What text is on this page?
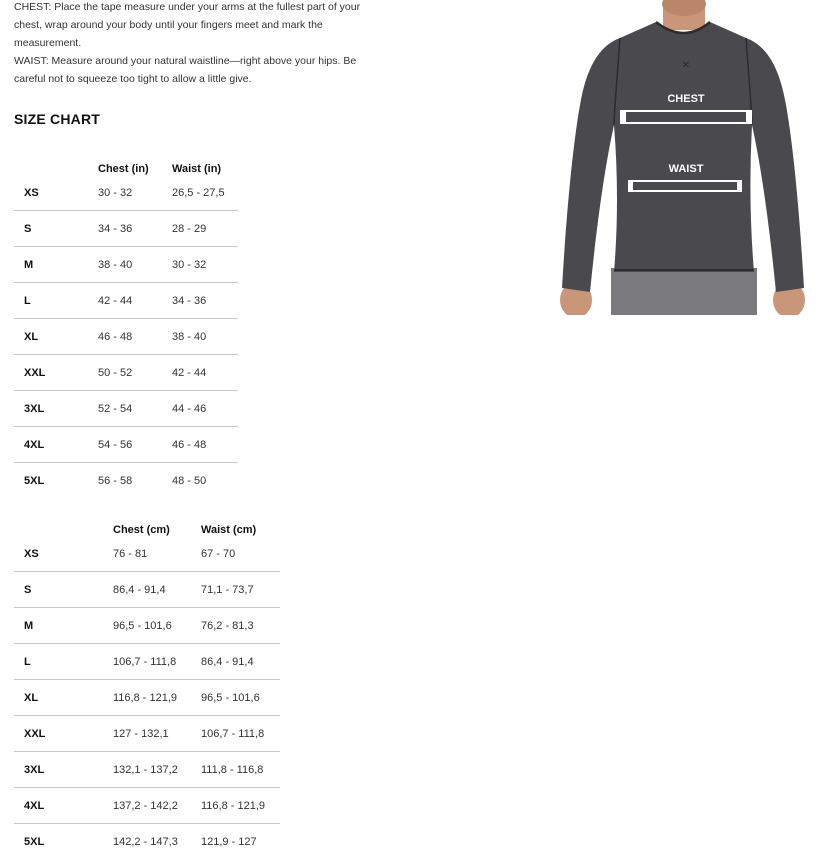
CHEST: Place the tape measure under your arms at the fullest part of your chest, wrap around your body until your fingers meet and mark the measurement.

WAIST: Measure around your natural waistline—right above your hips. Be careful not to squeeze too tight to allow a little give.

SIZE CHART
	Chest (in)	Waist (in)
XS	30 - 32	26,5 - 27,5
S	34 - 36	28 - 29
M	38 - 40	30 - 32
L	42 - 44	34 - 36
XL	46 - 48	38 - 40
XXL	50 - 52	42 - 44
3XL	52 - 54	44 - 46
4XL	54 - 56	46 - 48
5XL	56 - 58	48 - 50
	Chest (cm)	Waist (cm)
XS	76 - 81	67 - 70
S	86,4 - 91,4	71,1 - 73,7
M	96,5 - 101,6	76,2 - 81,3
L	106,7 - 111,8	86,4 - 91,4
XL	116,8 - 121,9	96,5 - 101,6
XXL	127 - 132,1	106,7 - 111,8
3XL	132,1 - 137,2	111,8 - 116,8
4XL	137,2 - 142,2	116,8 - 121,9
5XL	142,2 - 147,3	121,9 - 127
✕
CHEST
WAIST
